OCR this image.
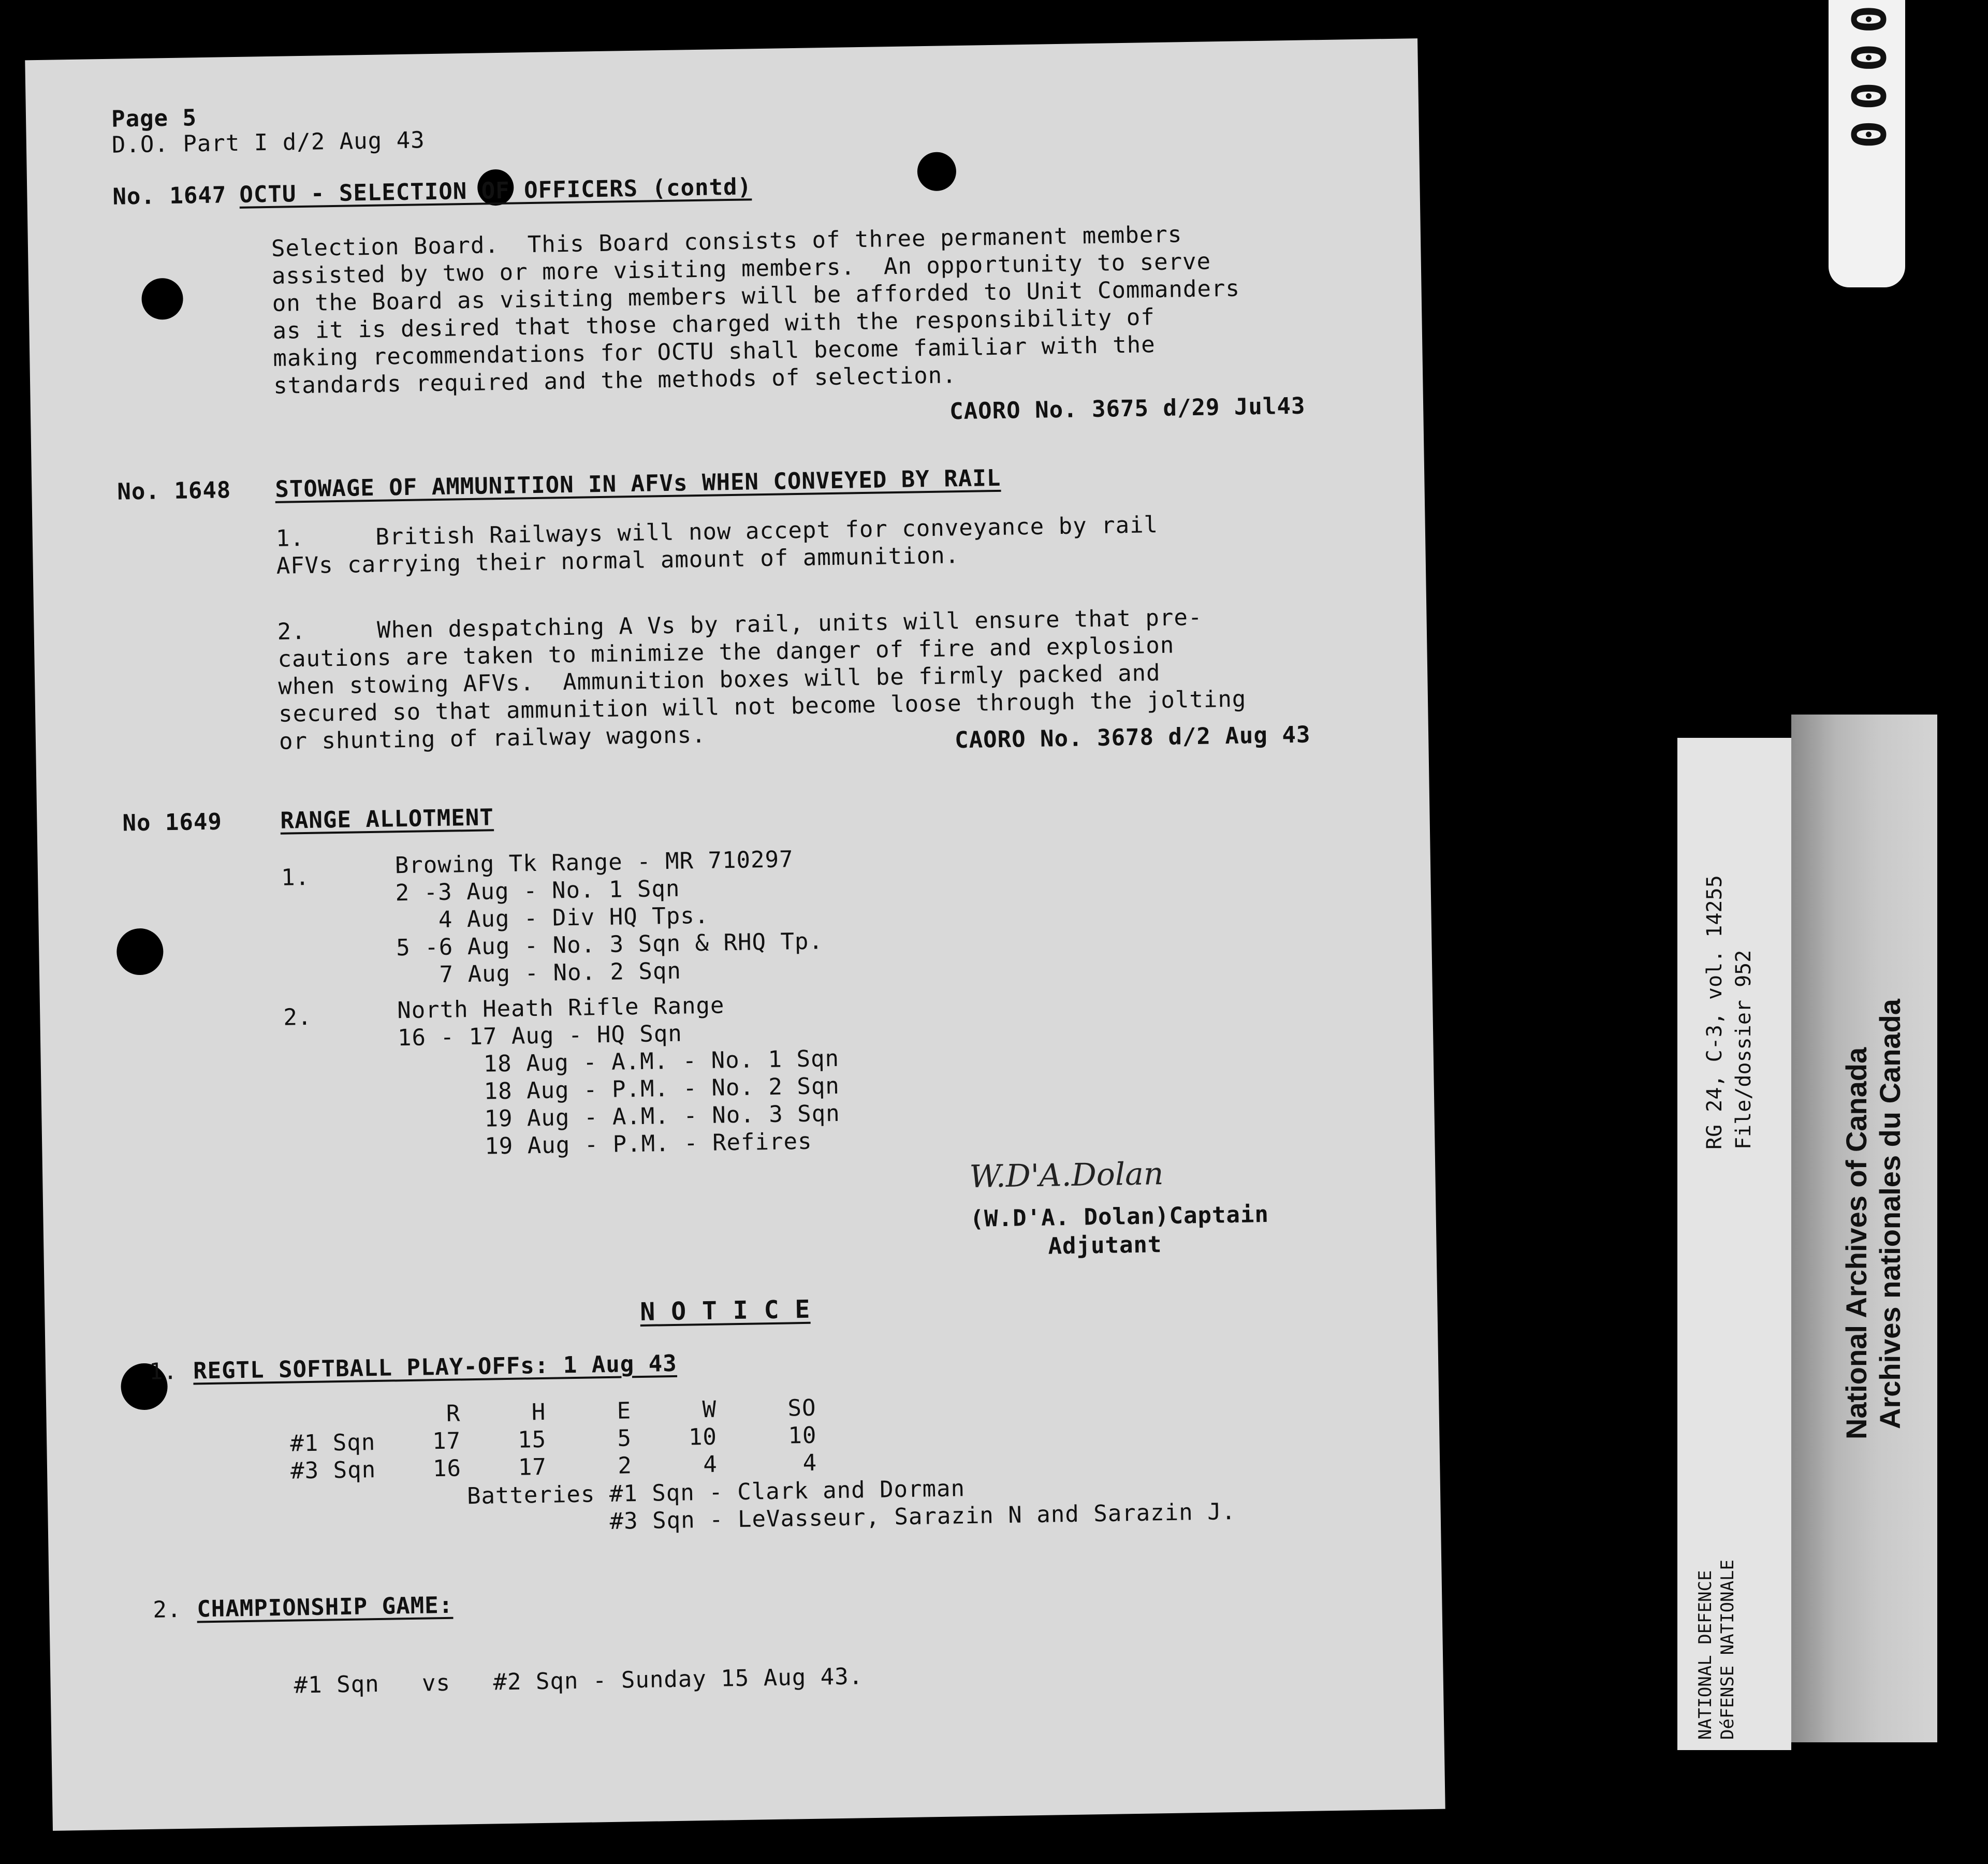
Page 5
D.O. Part I d/2 Aug 43
No. 1647 OCTU - SELECTION OF OFFICERS (contd)
Selection Board.  This Board consists of three permanent members
assisted by two or more visiting members.  An opportunity to serve
on the Board as visiting members will be afforded to Unit Commanders
as it is desired that those charged with the responsibility of
making recommendations for OCTU shall become familiar with the
standards required and the methods of selection.
CAORO No. 3675 d/29 Jul43
No. 1648 STOWAGE OF AMMUNITION IN AFVs WHEN CONVEYED BY RAIL
1.     British Railways will now accept for conveyance by rail
AFVs carrying their normal amount of ammunition.
2.     When despatching A Vs by rail, units will ensure that pre-
cautions are taken to minimize the danger of fire and explosion
when stowing AFVs.  Ammunition boxes will be firmly packed and
secured so that ammunition will not become loose through the jolting
or shunting of railway wagons.	CAORO No. 3678 d/2 Aug 43
No 1649	RANGE ALLOTMENT
1.	Browing Tk Range - MR 710297
2 -3 Aug - No. 1 Sqn
4 Aug - Div HQ Tps.
5 -6 Aug - No. 3 Sqn & RHQ Tp.
7 Aug - No. 2 Sqn
2.	North Heath Rifle Range
16 - 17 Aug - HQ Sqn
18 Aug - A.M. - No. 1 Sqn
18 Aug - P.M. - No. 2 Sqn
19 Aug - A.M. - No. 3 Sqn
19 Aug - P.M. - Refires
W.D'A.Dolan
(W.D'A. Dolan)Captain
Adjutant
N O T I C E
1. REGTL SOFTBALL PLAY-OFFs: 1 Aug 43
R     H     E     W     SO
#1 Sqn    17    15     5    10     10
#3 Sqn    16    17     2     4      4
Batteries #1 Sqn - Clark and Dorman
#3 Sqn - LeVasseur, Sarazin N and Sarazin J.
2. CHAMPIONSHIP GAME:
#1 Sqn   vs   #2 Sqn - Sunday 15 Aug 43.
0000
RG 24, C-3, vol. 14255 File/dossier 952
NATIONAL DEFENCE DéFENSE NATIONALE
National Archives of Canada Archives nationales du Canada
